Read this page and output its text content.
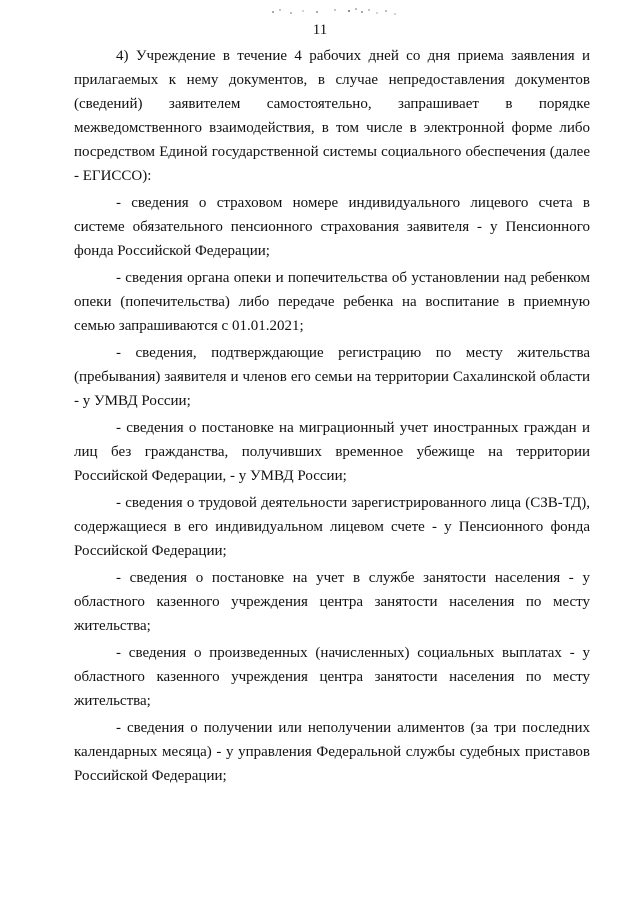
11

4) Учреждение в течение 4 рабочих дней со дня приема заявления и прилагаемых к нему документов, в случае непредоставления документов (сведений) заявителем самостоятельно, запрашивает в порядке межведомственного взаимодействия, в том числе в электронной форме либо посредством Единой государственной системы социального обеспечения (далее - ЕГИССО):

- сведения о страховом номере индивидуального лицевого счета в системе обязательного пенсионного страхования заявителя - у Пенсионного фонда Российской Федерации;

- сведения органа опеки и попечительства об установлении над ребенком опеки (попечительства) либо передаче ребенка на воспитание в приемную семью запрашиваются с 01.01.2021;

- сведения, подтверждающие регистрацию по месту жительства (пребывания) заявителя и членов его семьи на территории Сахалинской области - у УМВД России;

- сведения о постановке на миграционный учет иностранных граждан и лиц без гражданства, получивших временное убежище на территории Российской Федерации, - у УМВД России;

- сведения о трудовой деятельности зарегистрированного лица (СЗВ-ТД), содержащиеся в его индивидуальном лицевом счете - у Пенсионного фонда Российской Федерации;

- сведения о постановке на учет в службе занятости населения - у областного казенного учреждения центра занятости населения по месту жительства;

- сведения о произведенных (начисленных) социальных выплатах - у областного казенного учреждения центра занятости населения по месту жительства;

- сведения о получении или неполучении алиментов (за три последних календарных месяца) - у управления Федеральной службы судебных приставов Российской Федерации;
